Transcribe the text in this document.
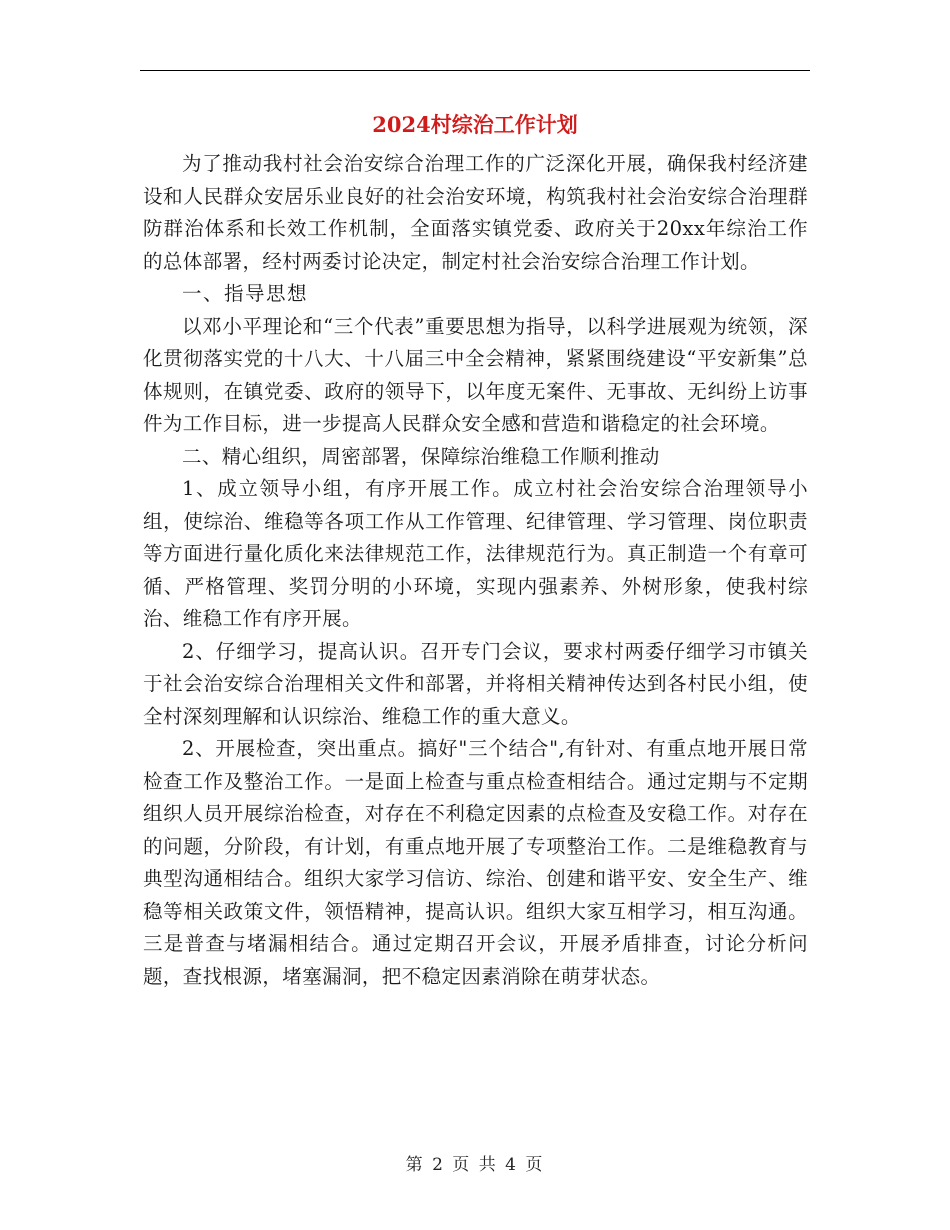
2024村综治工作计划

为了推动我村社会治安综合治理工作的广泛深化开展，确保我村经济建设和人民群众安居乐业良好的社会治安环境，构筑我村社会治安综合治理群防群治体系和长效工作机制，全面落实镇党委、政府关于20xx年综治工作的总体部署，经村两委讨论决定，制定村社会治安综合治理工作计划。

一、指导思想

以邓小平理论和“三个代表”重要思想为指导，以科学进展观为统领，深化贯彻落实党的十八大、十八届三中全会精神，紧紧围绕建设“平安新集”总体规则，在镇党委、政府的领导下，以年度无案件、无事故、无纠纷上访事件为工作目标，进一步提高人民群众安全感和营造和谐稳定的社会环境。

二、精心组织，周密部署，保障综治维稳工作顺利推动

1、成立领导小组，有序开展工作。成立村社会治安综合治理领导小组，使综治、维稳等各项工作从工作管理、纪律管理、学习管理、岗位职责等方面进行量化质化来法律规范工作，法律规范行为。真正制造一个有章可循、严格管理、奖罚分明的小环境，实现内强素养、外树形象，使我村综治、维稳工作有序开展。

2、仔细学习，提高认识。召开专门会议，要求村两委仔细学习市镇关于社会治安综合治理相关文件和部署，并将相关精神传达到各村民小组，使全村深刻理解和认识综治、维稳工作的重大意义。

2、开展检查，突出重点。搞好"三个结合",有针对、有重点地开展日常检查工作及整治工作。一是面上检查与重点检查相结合。通过定期与不定期组织人员开展综治检查，对存在不利稳定因素的点检查及安稳工作。对存在的问题，分阶段，有计划，有重点地开展了专项整治工作。二是维稳教育与典型沟通相结合。组织大家学习信访、综治、创建和谐平安、安全生产、维稳等相关政策文件，领悟精神，提高认识。组织大家互相学习，相互沟通。三是普查与堵漏相结合。通过定期召开会议，开展矛盾排查，讨论分析问题，查找根源，堵塞漏洞，把不稳定因素消除在萌芽状态。

第 2 页 共 4 页
